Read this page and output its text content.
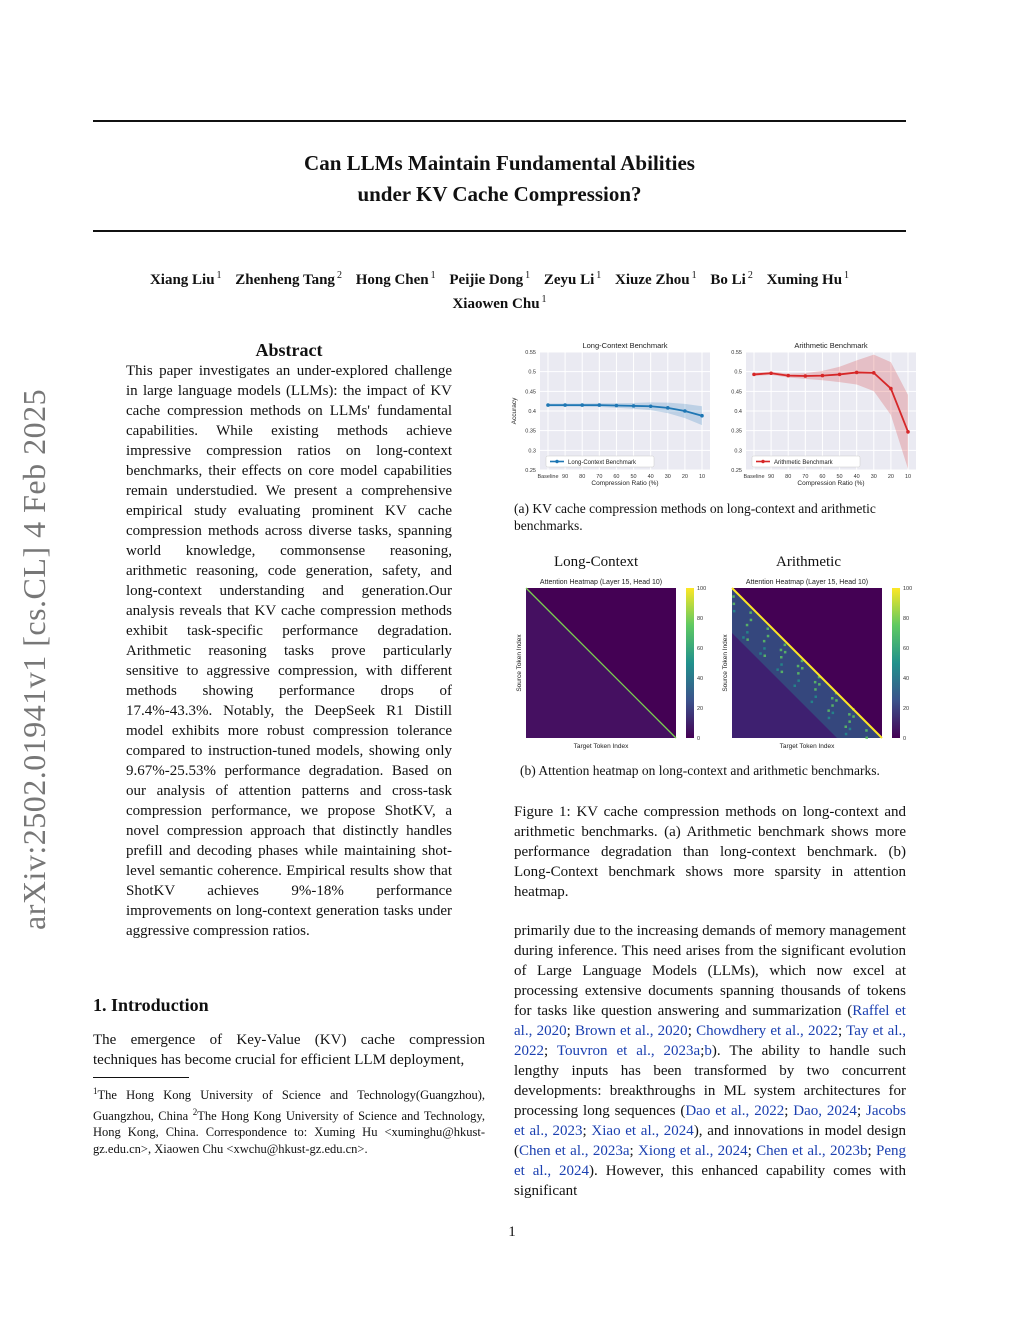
Can LLMs Maintain Fundamental Abilities
under KV Cache Compression?
Xiang Liu $^1$ Zhenheng Tang $^2$ Hong Chen $^1$ Peijie Dong $^1$ Zeyu Li $^1$ Xiuze Zhou $^1$ Bo Li $^2$ Xuming Hu $^1$
Xiaowen Chu $^1$
arXiv:2502.01941v1 [cs.CL] 4 Feb 2025
Abstract
This paper investigates an under-explored challenge in large language models (LLMs): the impact of KV cache compression methods on LLMs' fundamental capabilities. While existing methods achieve impressive compression ratios on long-context benchmarks, their effects on core model capabilities remain understudied. We present a comprehensive empirical study evaluating prominent KV cache compression methods across diverse tasks, spanning world knowledge, commonsense reasoning, arithmetic reasoning, code generation, safety, and long-context understanding and generation.Our analysis reveals that KV cache compression methods exhibit task-specific performance degradation. Arithmetic reasoning tasks prove particularly sensitive to aggressive compression, with different methods showing performance drops of 17.4%-43.3%. Notably, the DeepSeek R1 Distill model exhibits more robust compression tolerance compared to instruction-tuned models, showing only 9.67%-25.53% performance degradation. Based on our analysis of attention patterns and cross-task compression performance, we propose ShotKV, a novel compression approach that distinctly handles prefill and decoding phases while maintaining shot-level semantic coherence. Empirical results show that ShotKV achieves 9%-18% performance improvements on long-context generation tasks under aggressive compression ratios.
1. Introduction
The emergence of Key-Value (KV) cache compression techniques has become crucial for efficient LLM deployment,
$^1$The Hong Kong University of Science and Technology(Guangzhou), Guangzhou, China $^2$The Hong Kong University of Science and Technology, Hong Kong, China. Correspondence to: Xuming Hu <xuminghu@hkust-gz.edu.cn>, Xiaowen Chu <xwchu@hkust-gz.edu.cn>.
0.25
0.3
0.35
0.4
0.45
0.5
0.55
Baseline 90 80 70 60 50 40 30 20 10
Long-Context Benchmark
Compression Ratio (%)
Accuracy
Long-Context Benchmark
0.25
0.3
0.35
0.4
0.45
0.5
0.55
Baseline 90 80 70 60 50 40 30 20 10
Arithmetic Benchmark
Compression Ratio (%)
Arithmetic Benchmark
(a) KV cache compression methods on long-context and arithmetic benchmarks.
Long-Context	Arithmetic
Attention Heatmap (Layer 15, Head 10)
Target Token Index
Source Token Index
0
20
40
60
80
100
Attention Heatmap (Layer 15, Head 10)
Target Token Index
Source Token Index
0
20
40
60
80
100
(b) Attention heatmap on long-context and arithmetic benchmarks.
Figure 1: KV cache compression methods on long-context and arithmetic benchmarks. (a) Arithmetic benchmark shows more performance degradation than long-context benchmark. (b) Long-Context benchmark shows more sparsity in attention heatmap.
primarily due to the increasing demands of memory management during inference. This need arises from the significant evolution of Large Language Models (LLMs), which now excel at processing extensive documents spanning thousands of tokens for tasks like question answering and summarization (Raffel et al., 2020; Brown et al., 2020; Chowdhery et al., 2022; Tay et al., 2022; Touvron et al., 2023a;b). The ability to handle such lengthy inputs has been transformed by two concurrent developments: breakthroughs in ML system architectures for processing long sequences (Dao et al., 2022; Dao, 2024; Jacobs et al., 2023; Xiao et al., 2024), and innovations in model design (Chen et al., 2023a; Xiong et al., 2024; Chen et al., 2023b; Peng et al., 2024). However, this enhanced capability comes with significant
1
